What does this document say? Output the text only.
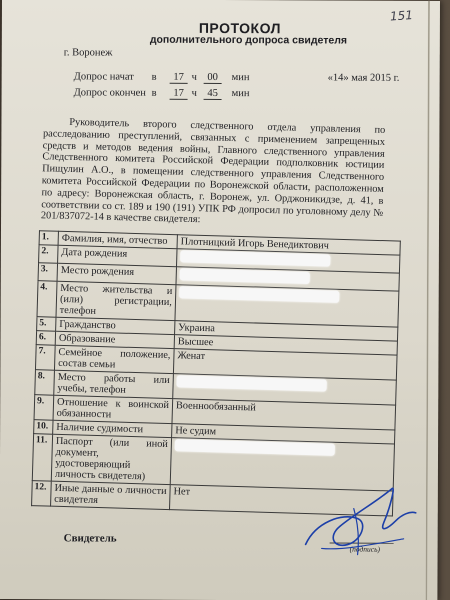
151
ПРОТОКОЛ
дополнительного допроса свидетеля
г. Воронеж
«14» мая 2015 г.
Допрос начат в	17 ч 00	мин
Допрос окончен в	17 ч 45	мин
Руководитель второго следственного отдела управления по расследованию преступлений, связанных с применением запрещенных средств и методов ведения войны, Главного следственного управления Следственного комитета Российской Федерации подполковник юстиции Пищулин А.О., в помещении следственного управления Следственного комитета Российской Федерации по Воронежской области, расположенном по адресу: Воронежская область, г. Воронеж, ул. Орджоникидзе, д. 41, в соответствии со ст. 189 и 190 (191) УПК РФ допросил по уголовному делу № 201/837072-14 в качестве свидетеля:
1.	Фамилия, имя, отчество	Плотницкий Игорь Венедиктович
2.	Дата рождения	
3.	Место рождения	
4.	Место жительства и (или) регистрации, телефон	
5.	Гражданство	Украина
6.	Образование	Высшее
7.	Семейное положение, состав семьи	Женат
8.	Место работы или учебы, телефон	
9.	Отношение к воинской обязанности	Военнообязанный
10.	Наличие судимости	Не судим
11.	Паспорт (или иной документ, удостоверяющий личность свидетеля)	
12.	Иные данные о личности свидетеля	Нет
Свидетель
(подпись)
